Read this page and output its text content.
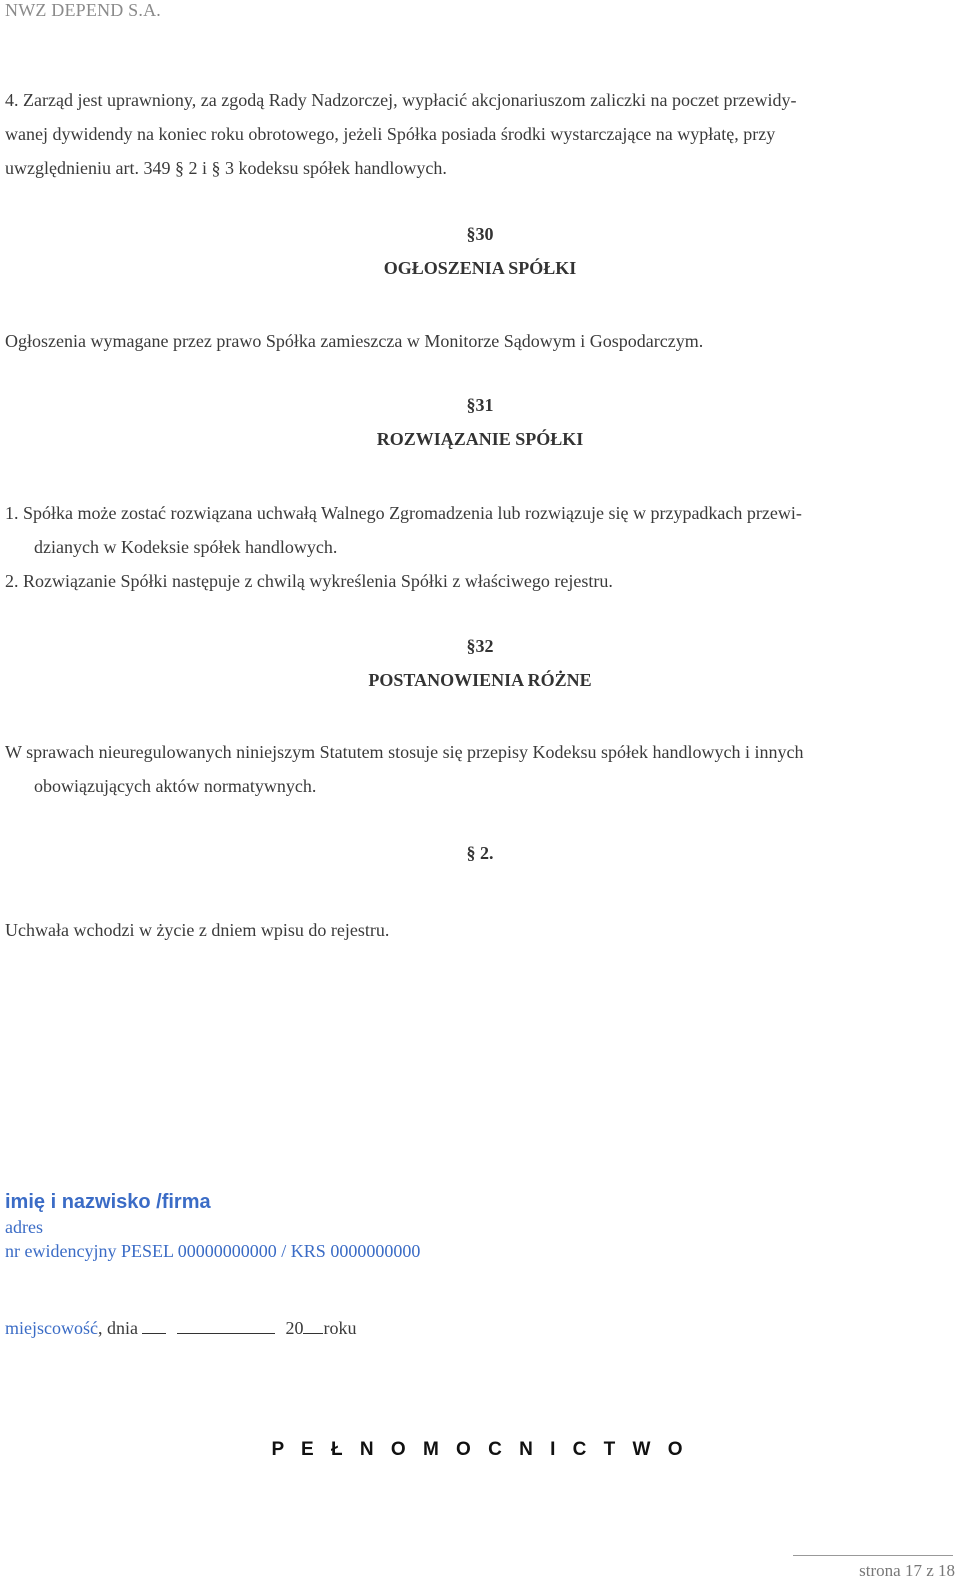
NWZ DEPEND S.A.
4. Zarząd jest uprawniony, za zgodą Rady Nadzorczej, wypłacić akcjonariuszom zaliczki na poczet przewidy-
wanej dywidendy na koniec roku obrotowego, jeżeli Spółka posiada środki wystarczające na wypłatę, przy
uwzględnieniu art. 349 § 2 i § 3 kodeksu spółek handlowych.
§30
OGŁOSZENIA SPÓŁKI
Ogłoszenia wymagane przez prawo Spółka zamieszcza w Monitorze Sądowym i Gospodarczym.
§31
ROZWIĄZANIE SPÓŁKI
1. Spółka może zostać rozwiązana uchwałą Walnego Zgromadzenia lub rozwiązuje się w przypadkach przewi-
dzianych w Kodeksie spółek handlowych.
2. Rozwiązanie Spółki następuje z chwilą wykreślenia Spółki z właściwego rejestru.
§32
POSTANOWIENIA RÓŻNE
W sprawach nieuregulowanych niniejszym Statutem stosuje się przepisy Kodeksu spółek handlowych i innych
obowiązujących aktów normatywnych.
§ 2.
Uchwała wchodzi w życie z dniem wpisu do rejestru.
imię i nazwisko /firma
adres
nr ewidencyjny PESEL 00000000000 / KRS 0000000000
miejscowość, dnia	20 roku
P E Ł N O M O C N I C T W O
strona 17 z 18
